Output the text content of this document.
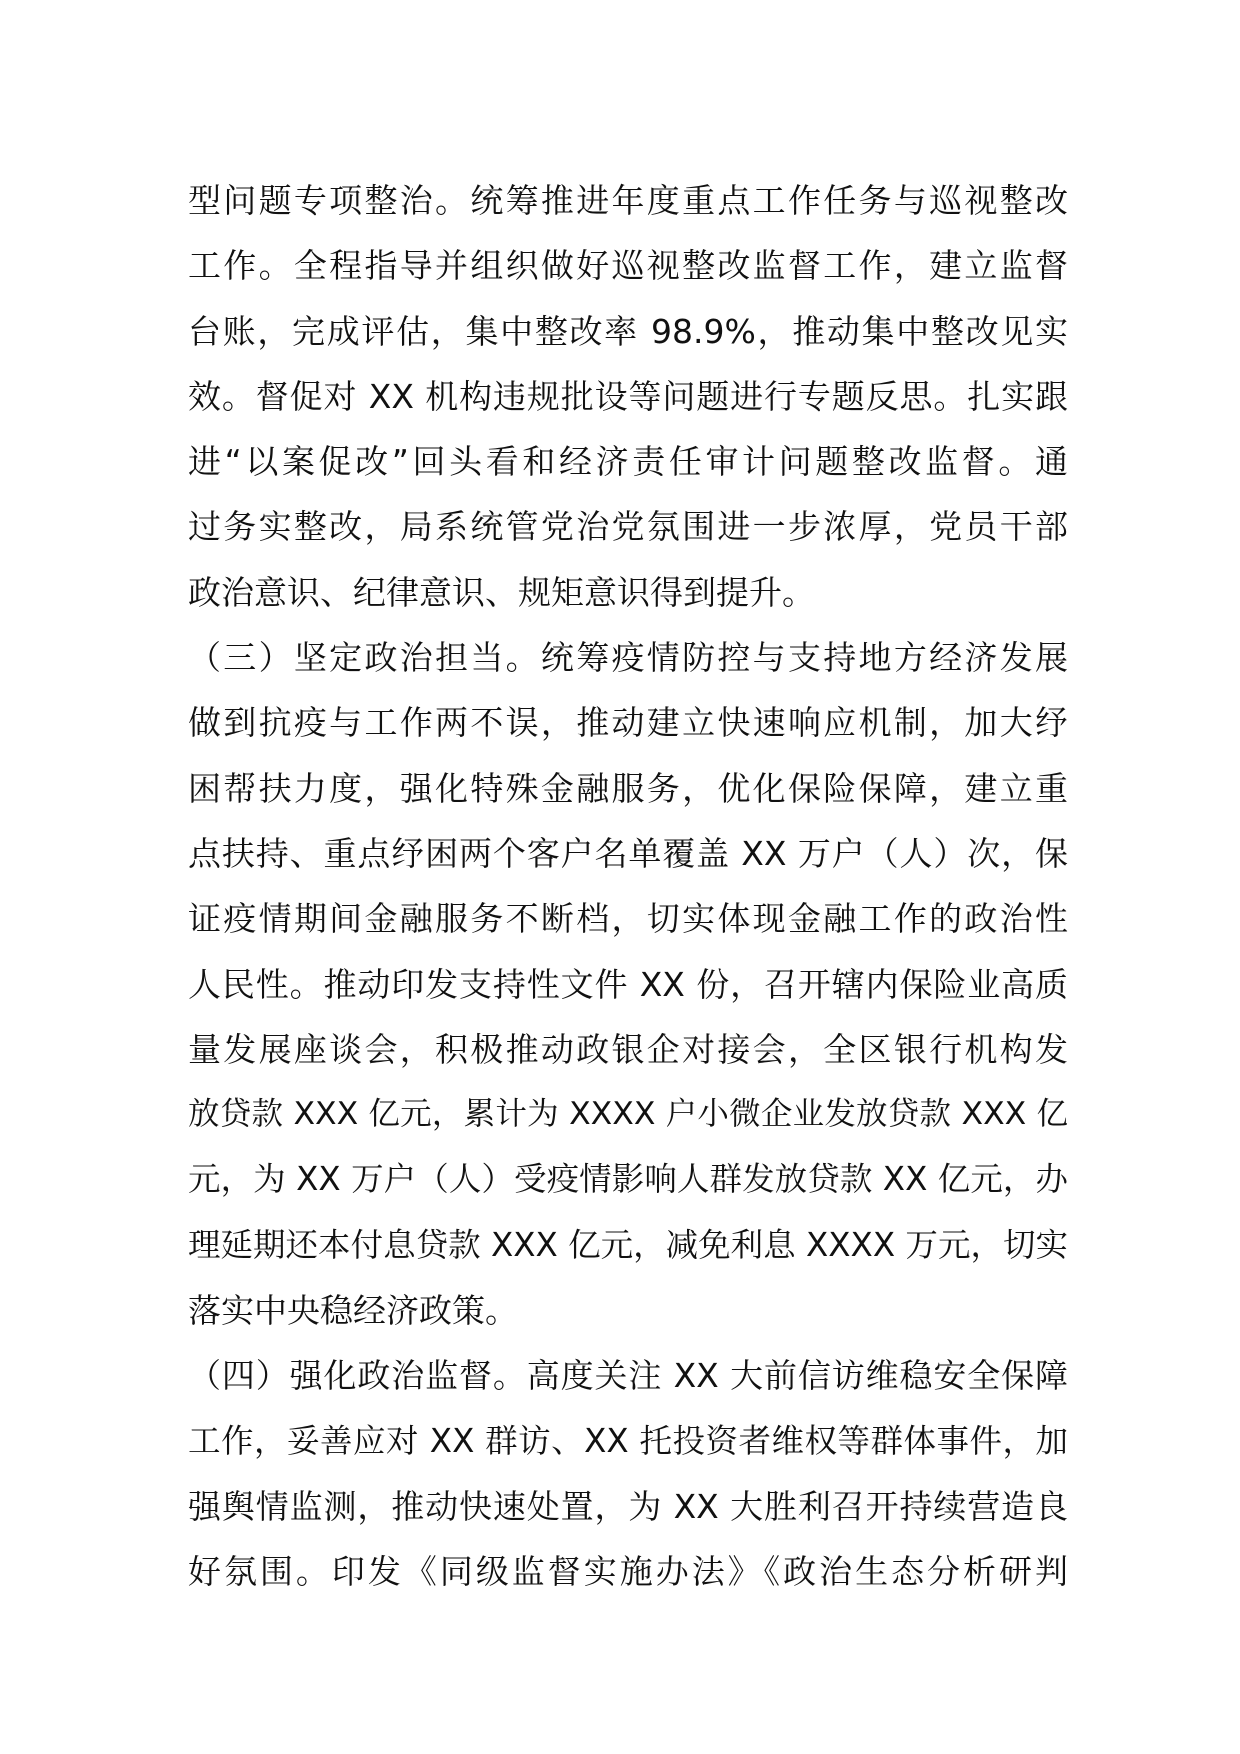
型问题专项整治。统筹推进年度重点工作任务与巡视整改
工作。全程指导并组织做好巡视整改监督工作，建立监督
台账，完成评估，集中整改率 98.9%，推动集中整改见实
效。督促对 XX 机构违规批设等问题进行专题反思。扎实跟
进“以案促改”回头看和经济责任审计问题整改监督。通
过务实整改，局系统管党治党氛围进一步浓厚，党员干部
政治意识、纪律意识、规矩意识得到提升。
（三）坚定政治担当。统筹疫情防控与支持地方经济发展
做到抗疫与工作两不误，推动建立快速响应机制，加大纾
困帮扶力度，强化特殊金融服务，优化保险保障，建立重
点扶持、重点纾困两个客户名单覆盖 XX 万户（人）次，保
证疫情期间金融服务不断档，切实体现金融工作的政治性
人民性。推动印发支持性文件 XX 份，召开辖内保险业高质
量发展座谈会，积极推动政银企对接会，全区银行机构发
放贷款 XXX 亿元，累计为 XXXX 户小微企业发放贷款 XXX 亿
元，为 XX 万户（人）受疫情影响人群发放贷款 XX 亿元，办
理延期还本付息贷款 XXX 亿元，减免利息 XXXX 万元，切实
落实中央稳经济政策。
（四）强化政治监督。高度关注 XX 大前信访维稳安全保障
工作，妥善应对 XX 群访、XX 托投资者维权等群体事件，加
强舆情监测，推动快速处置，为 XX 大胜利召开持续营造良
好氛围。印发《同级监督实施办法》《政治生态分析研判
